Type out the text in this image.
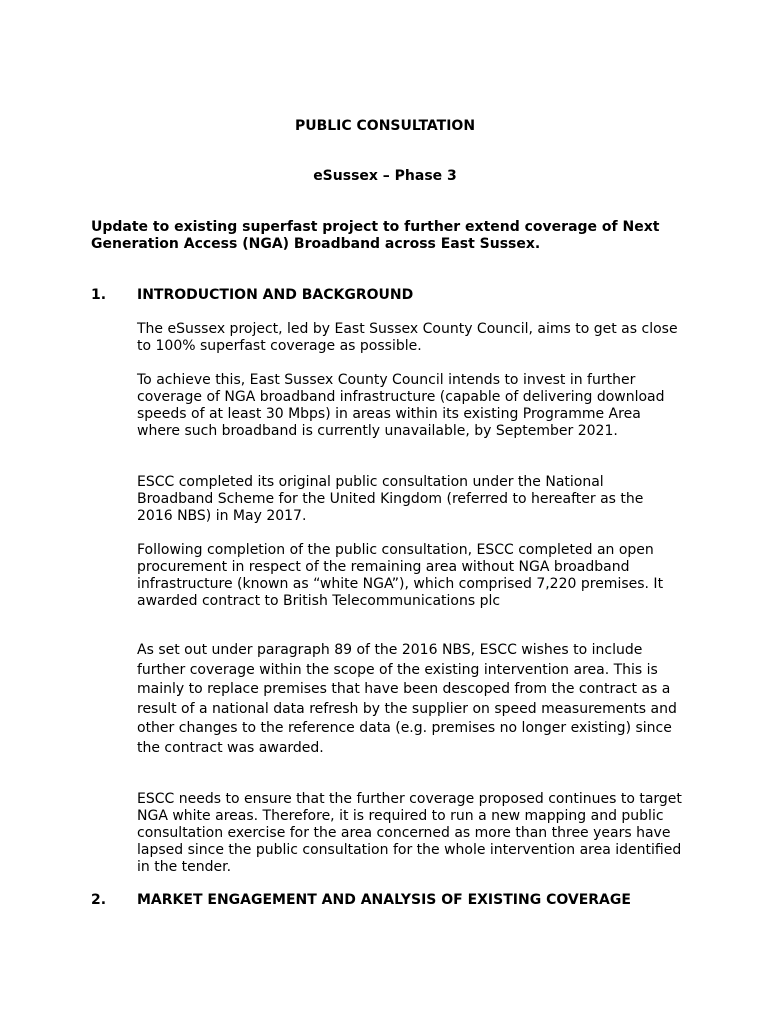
PUBLIC CONSULTATION

eSussex – Phase 3

Update to existing superfast project to further extend coverage of Next Generation Access (NGA) Broadband across East Sussex.

1. INTRODUCTION AND BACKGROUND

The eSussex project, led by East Sussex County Council, aims to get as close to 100% superfast coverage as possible.

To achieve this, East Sussex County Council intends to invest in further coverage of NGA broadband infrastructure (capable of delivering download speeds of at least 30 Mbps) in areas within its existing Programme Area where such broadband is currently unavailable, by September 2021.

ESCC completed its original public consultation under the National Broadband Scheme for the United Kingdom (referred to hereafter as the 2016 NBS) in May 2017.

Following completion of the public consultation, ESCC completed an open procurement in respect of the remaining area without NGA broadband infrastructure (known as “white NGA”), which comprised 7,220 premises. It awarded contract to British Telecommunications plc

As set out under paragraph 89 of the 2016 NBS, ESCC wishes to include further coverage within the scope of the existing intervention area. This is mainly to replace premises that have been descoped from the contract as a result of a national data refresh by the supplier on speed measurements and other changes to the reference data (e.g. premises no longer existing) since the contract was awarded.

ESCC needs to ensure that the further coverage proposed continues to target NGA white areas. Therefore, it is required to run a new mapping and public consultation exercise for the area concerned as more than three years have lapsed since the public consultation for the whole intervention area identified in the tender.

2.	MARKET ENGAGEMENT AND ANALYSIS OF EXISTING COVERAGE
